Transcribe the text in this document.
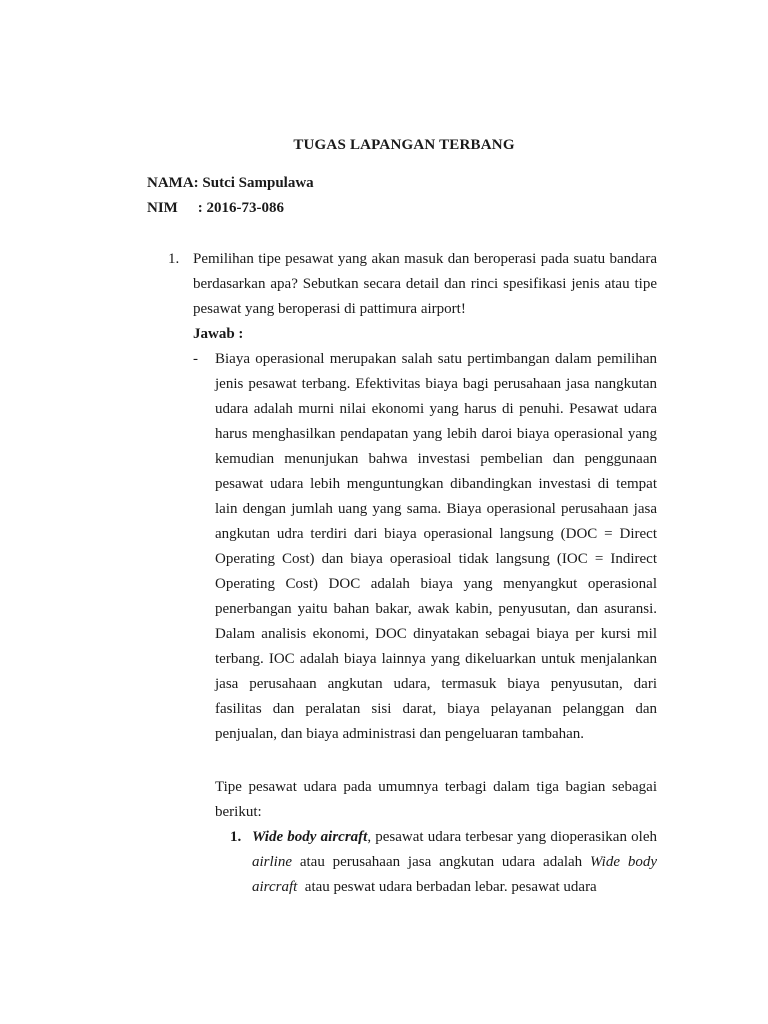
TUGAS LAPANGAN TERBANG
NAMA: Sutci Sampulawa
NIM : 2016-73-086
1. Pemilihan tipe pesawat yang akan masuk dan beroperasi pada suatu bandara berdasarkan apa? Sebutkan secara detail dan rinci spesifikasi jenis atau tipe pesawat yang beroperasi di pattimura airport!

Jawab :
- Biaya operasional merupakan salah satu pertimbangan dalam pemilihan jenis pesawat terbang. Efektivitas biaya bagi perusahaan jasa nangkutan udara adalah murni nilai ekonomi yang harus di penuhi. Pesawat udara harus menghasilkan pendapatan yang lebih daroi biaya operasional yang kemudian menunjukan bahwa investasi pembelian dan penggunaan pesawat udara lebih menguntungkan dibandingkan investasi di tempat lain dengan jumlah uang yang sama. Biaya operasional perusahaan jasa angkutan udra terdiri dari biaya operasional langsung (DOC = Direct Operating Cost) dan biaya operasioal tidak langsung (IOC = Indirect Operating Cost) DOC adalah biaya yang menyangkut operasional penerbangan yaitu bahan bakar, awak kabin, penyusutan, dan asuransi. Dalam analisis ekonomi, DOC dinyatakan sebagai biaya per kursi mil terbang. IOC adalah biaya lainnya yang dikeluarkan untuk menjalankan jasa perusahaan angkutan udara, termasuk biaya penyusutan, dari fasilitas dan peralatan sisi darat, biaya pelayanan pelanggan dan penjualan, dan biaya administrasi dan pengeluaran tambahan.

Tipe pesawat udara pada umumnya terbagi dalam tiga bagian sebagai berikut:

1. Wide body aircraft, pesawat udara terbesar yang dioperasikan oleh airline atau perusahaan jasa angkutan udara adalah Wide body aircraft  atau peswat udara berbadan lebar. pesawat udara
